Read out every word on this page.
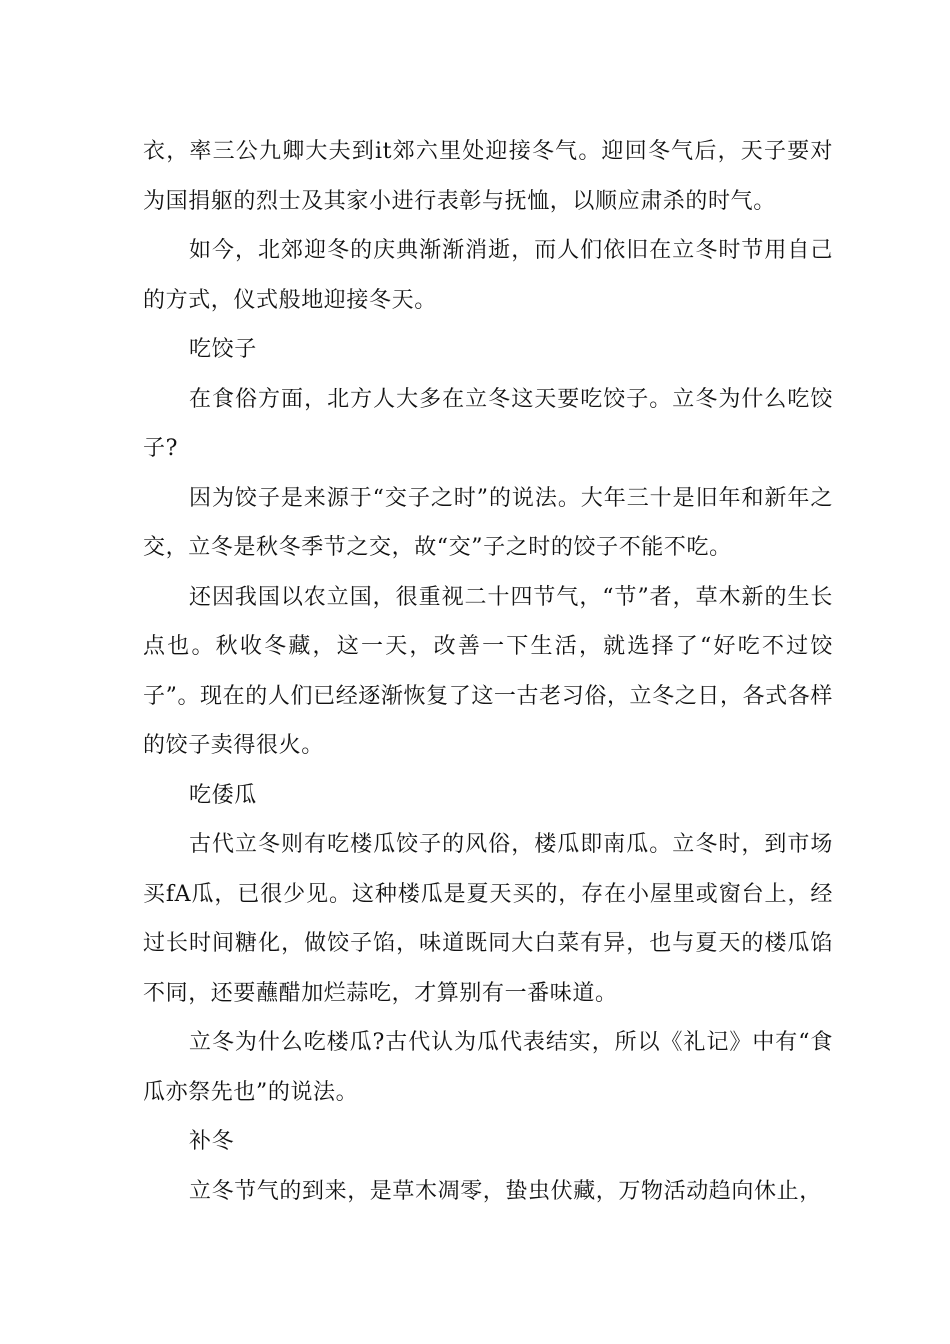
衣，率三公九卿大夫到it郊六里处迎接冬气。迎回冬气后，天子要对为国捐躯的烈士及其家小进行表彰与抚恤，以顺应肃杀的时气。

如今，北郊迎冬的庆典渐渐消逝，而人们依旧在立冬时节用自己的方式，仪式般地迎接冬天。

吃饺子

在食俗方面，北方人大多在立冬这天要吃饺子。立冬为什么吃饺子?

因为饺子是来源于“交子之时”的说法。大年三十是旧年和新年之交，立冬是秋冬季节之交，故“交”子之时的饺子不能不吃。

还因我国以农立国，很重视二十四节气，“节”者，草木新的生长点也。秋收冬藏，这一天，改善一下生活，就选择了“好吃不过饺子”。现在的人们已经逐渐恢复了这一古老习俗，立冬之日，各式各样的饺子卖得很火。

吃倭瓜

古代立冬则有吃楼瓜饺子的风俗，楼瓜即南瓜。立冬时，到市场买fA瓜，已很少见。这种楼瓜是夏天买的，存在小屋里或窗台上，经过长时间糖化，做饺子馅，味道既同大白菜有异，也与夏天的楼瓜馅不同，还要蘸醋加烂蒜吃，才算别有一番味道。

立冬为什么吃楼瓜?古代认为瓜代表结实，所以《礼记》中有“食瓜亦祭先也”的说法。

补冬

立冬节气的到来，是草木凋零，蛰虫伏藏，万物活动趋向休止，
